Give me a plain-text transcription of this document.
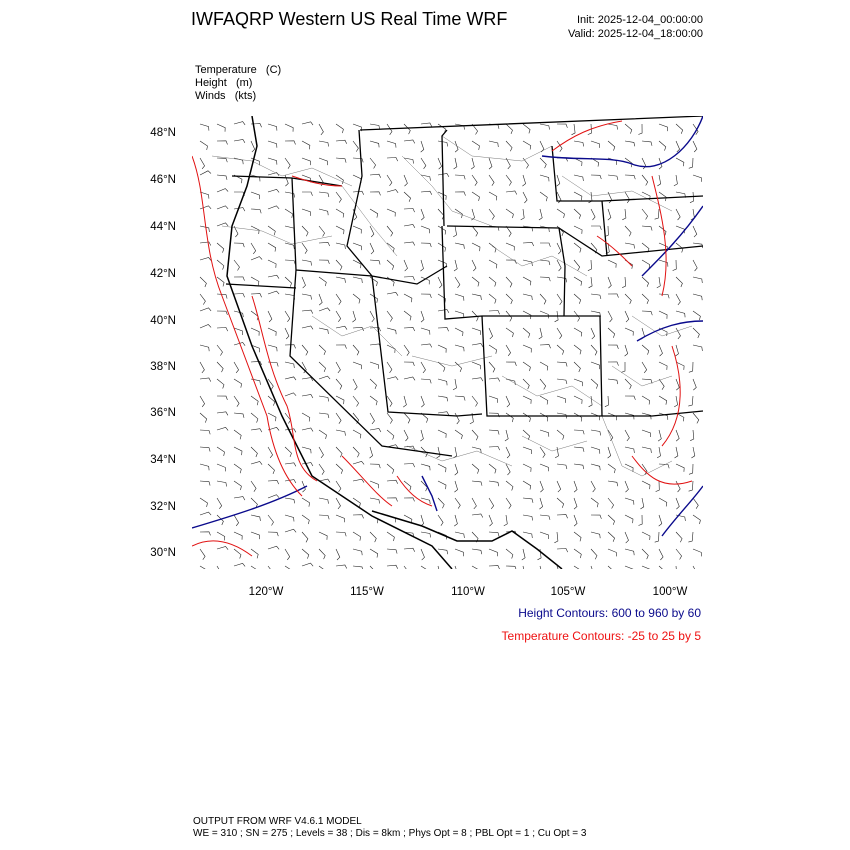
IWFAQRP Western US Real Time WRF	Init: 2025-12-04_00:00:00
Valid: 2025-12-04_18:00:00
Temperature   (C)
Height   (m)
Winds   (kts)
48°N
46°N
44°N
42°N
40°N
38°N
36°N
34°N
32°N
30°N
120°W	115°W	110°W	105°W	100°W
Height Contours: 600 to 960 by 60
Temperature Contours: -25 to 25 by 5
OUTPUT FROM WRF V4.6.1 MODEL
WE = 310 ; SN = 275 ; Levels = 38 ; Dis = 8km ; Phys Opt = 8 ; PBL Opt = 1 ; Cu Opt = 3
